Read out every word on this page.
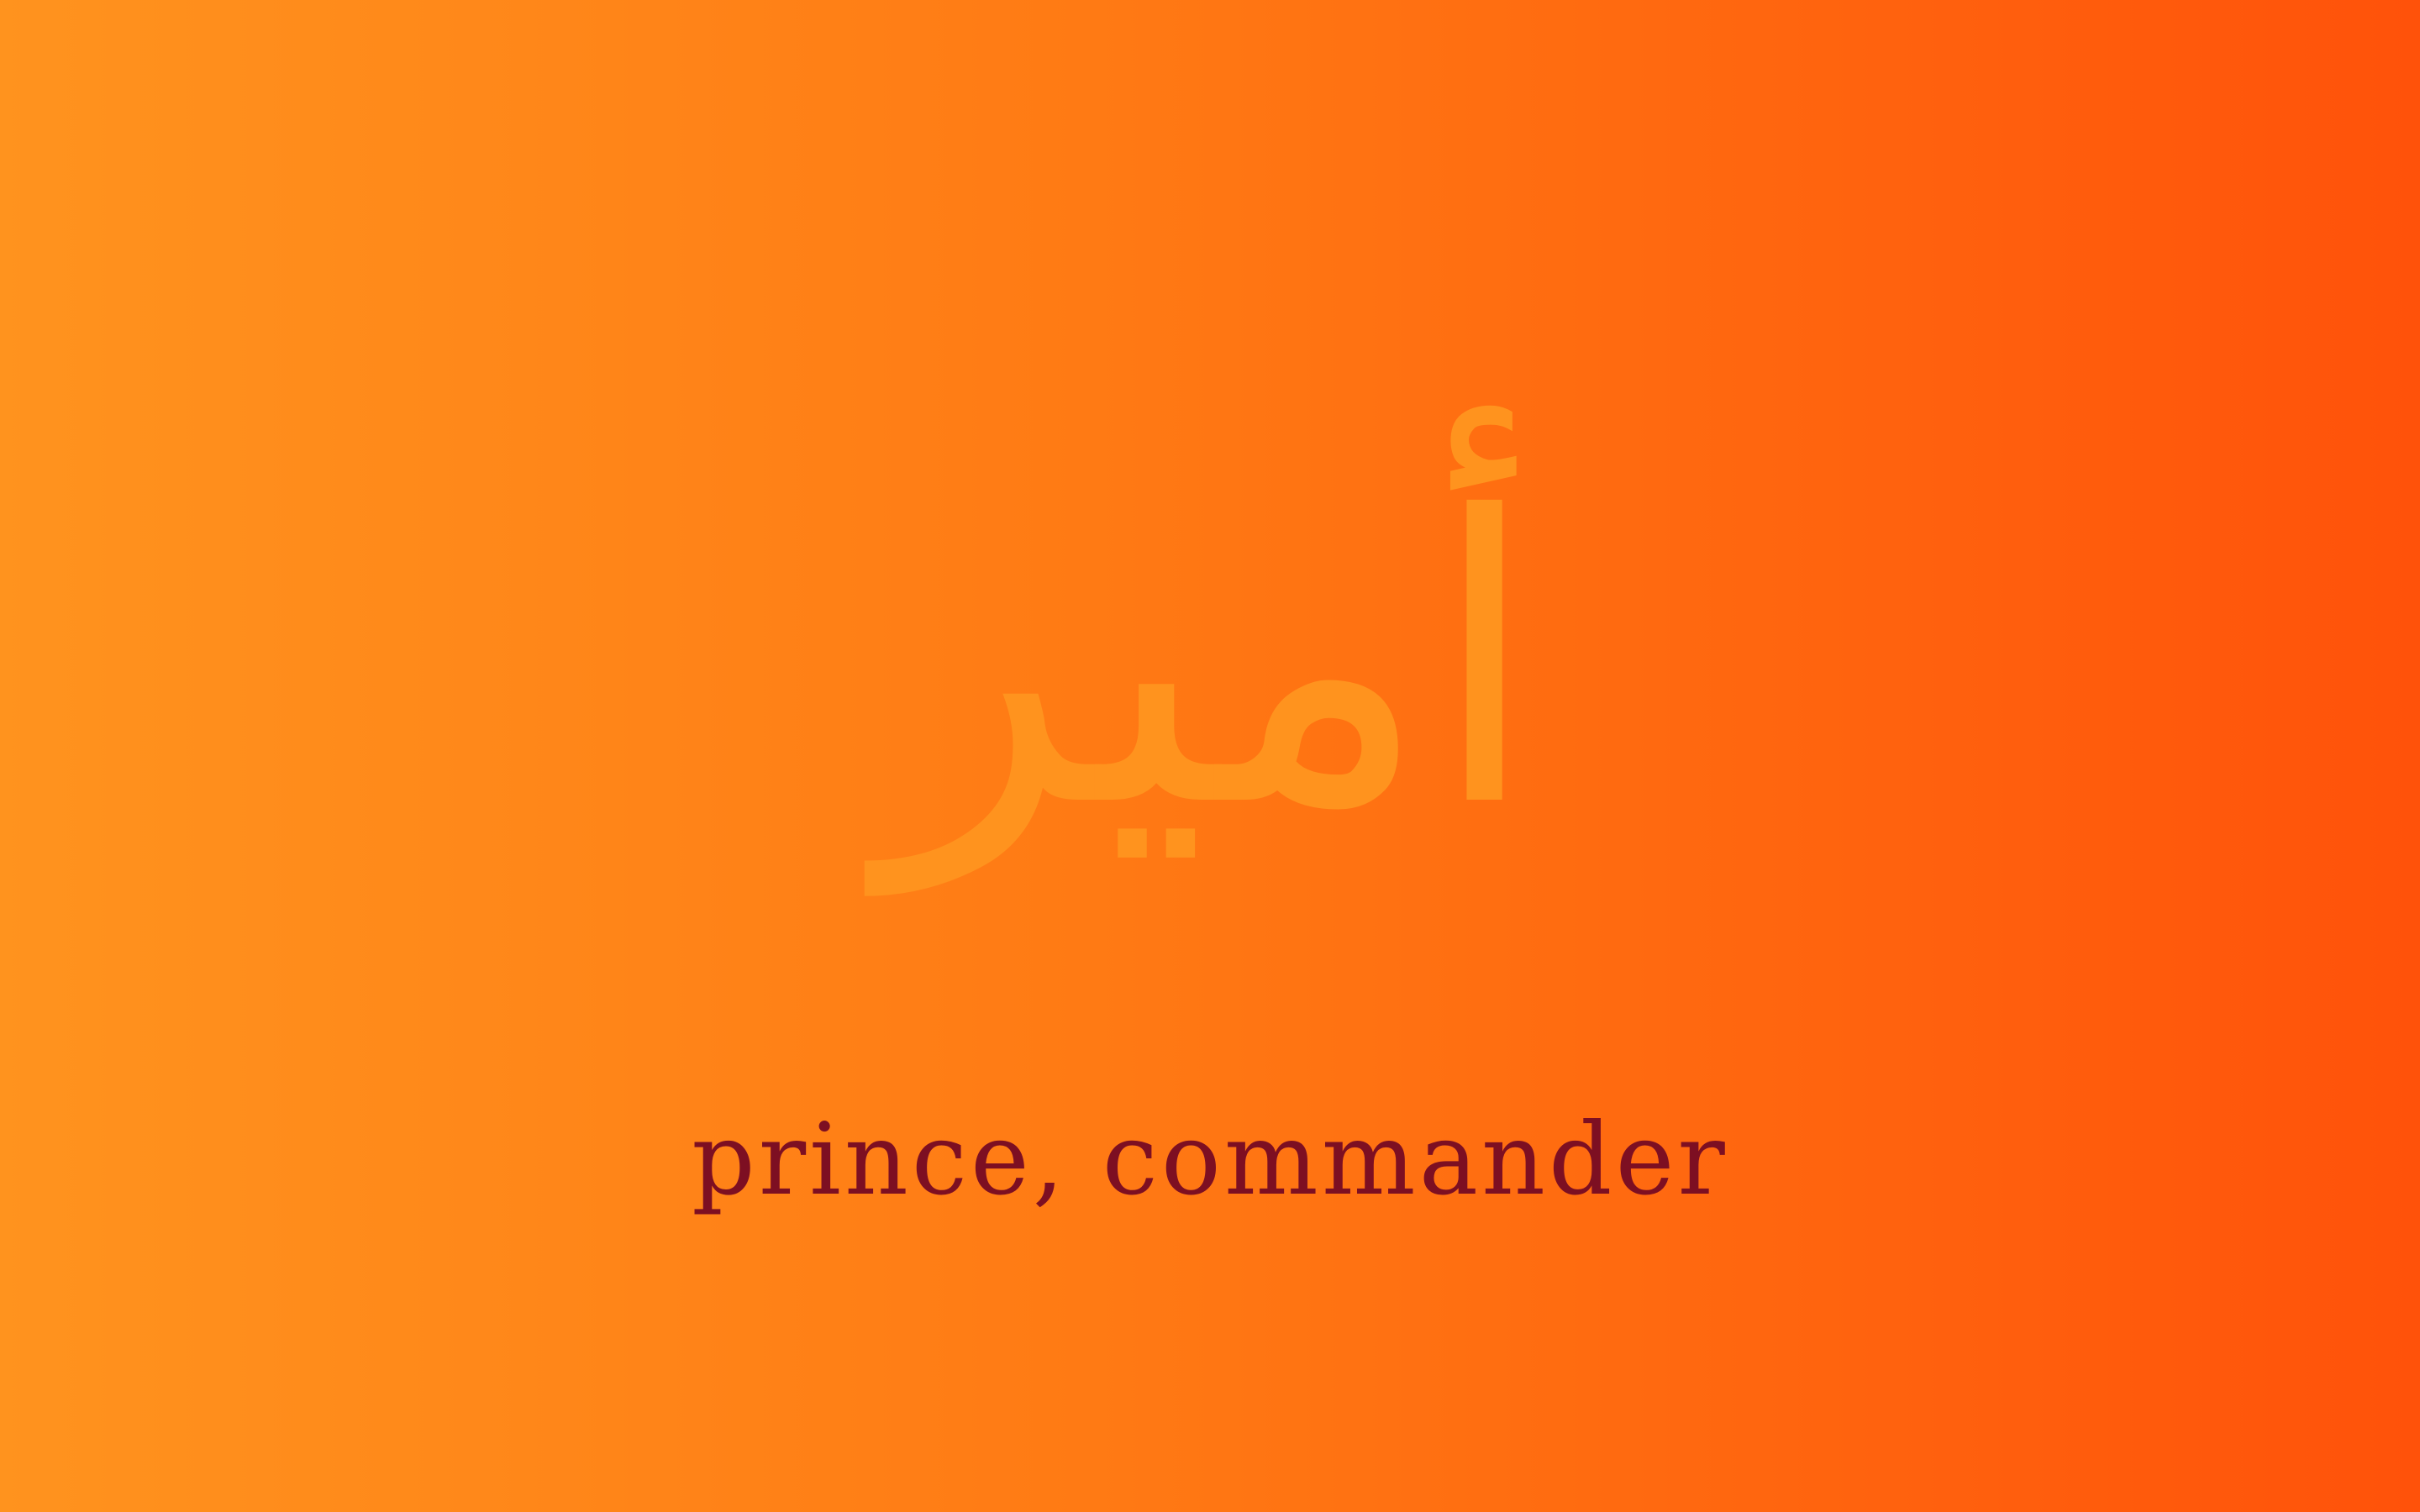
أمير
prince, commander
